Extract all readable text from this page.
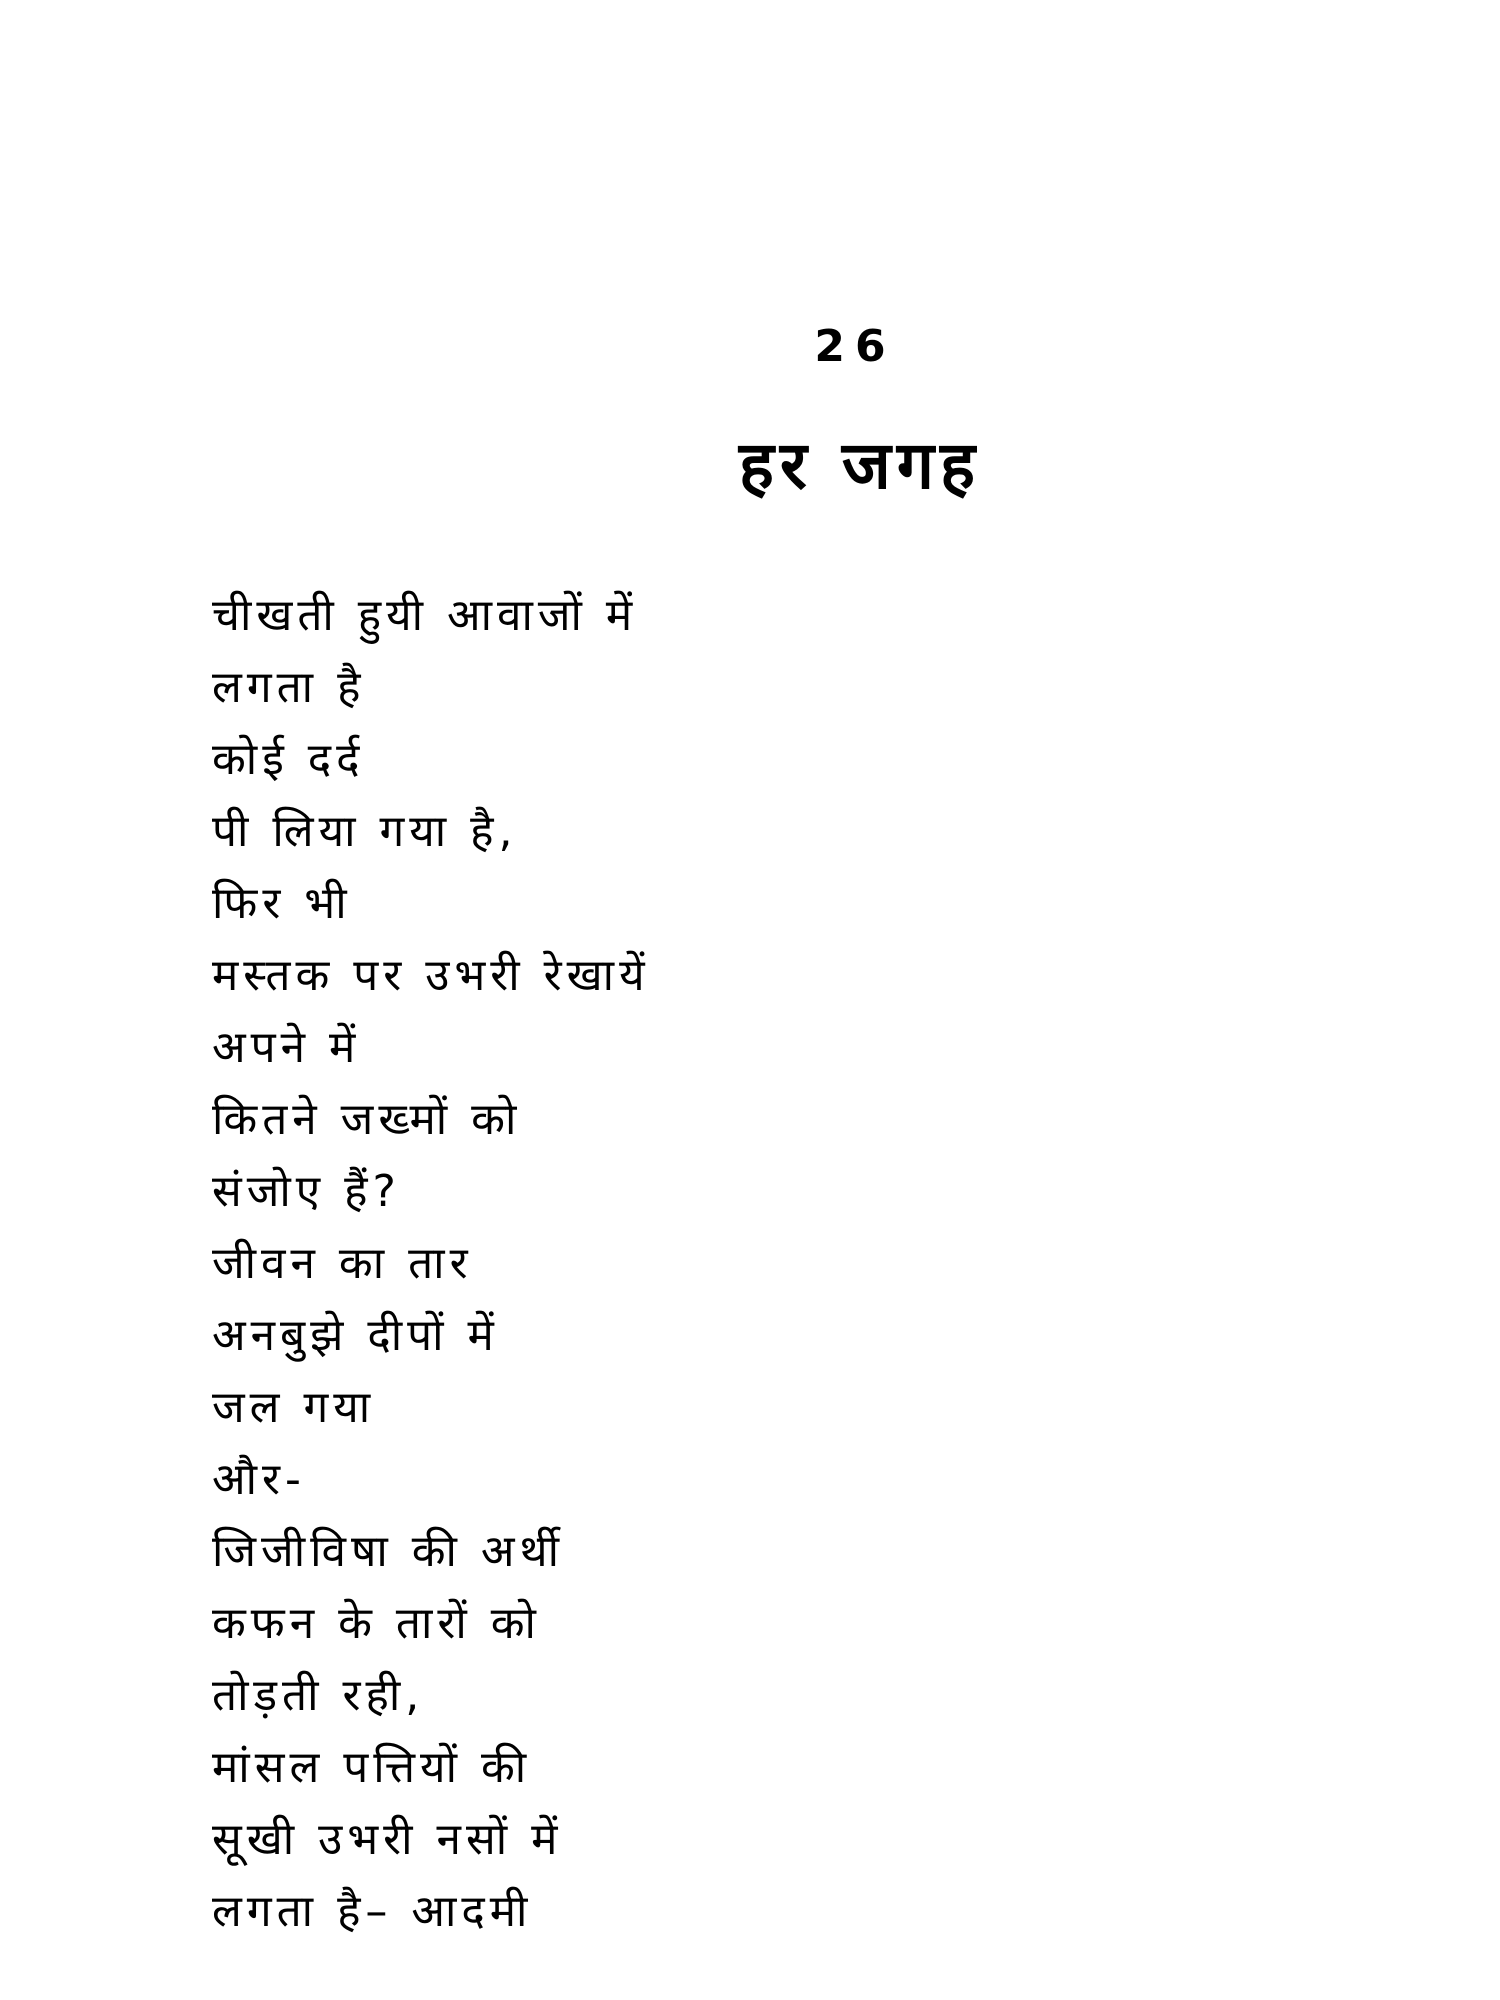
26
हर जगह
चीखती हुयी आवाजों में
लगता है
कोई दर्द
पी लिया गया है,
फिर भी
मस्तक पर उभरी रेखायें
अपने में
कितने जख्मों को
संजोए हैं?
जीवन का तार
अनबुझे दीपों में
जल गया
और-
जिजीविषा की अर्थी
कफन के तारों को
तोड़ती रही,
मांसल पत्तियों की
सूखी उभरी नसों में
लगता है– आदमी
